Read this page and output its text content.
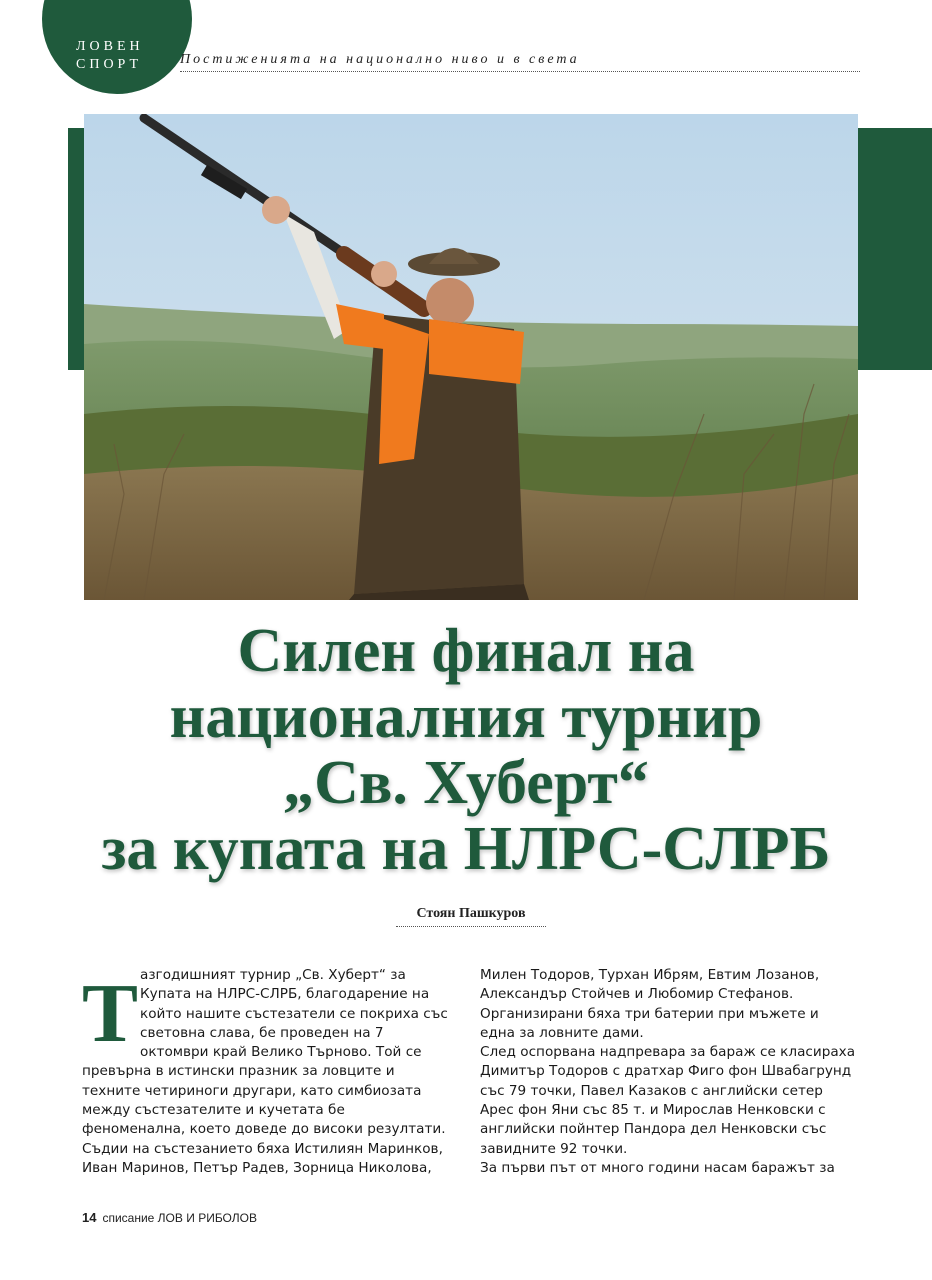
ЛОВЕН
СПОРТ	Постиженията на национално ниво и в света
Силен финал на
националния турнир
„Св. Хуберт“
за купата на НЛРС-СЛРБ
Стоян Пашкуров
Т азгодишният турнир „Св. Хуберт“ за Купата на НЛРС-СЛРБ, благодарение на който нашите състезатели се покриха със световна слава, бе проведен на 7 октомври край Велико Търново. Той се превърна в истински празник за ловците и техните четириноги другари, като симбиозата между състезателите и кучетата бе феноменална, което доведе до високи резултати.

Съдии на състезанието бяха Истилиян Маринков, Иван Маринов, Петър Радев, Зорница Николова,

Милен Тодоров, Турхан Ибрям, Евтим Лозанов, Александър Стойчев и Любомир Стефанов. Организирани бяха три батерии при мъжете и една за ловните дами.

След оспорвана надпревара за бараж се класираха Димитър Тодоров с дратхар Фиго фон Швабагрунд със 79 точки, Павел Казаков с английски сетер Арес фон Яни със 85 т. и Мирослав Ненковски с английски пойнтер Пандора дел Ненковски със завидните 92 точки.

За първи път от много години насам баражът за

14 списание ЛОВ И РИБОЛОВ
